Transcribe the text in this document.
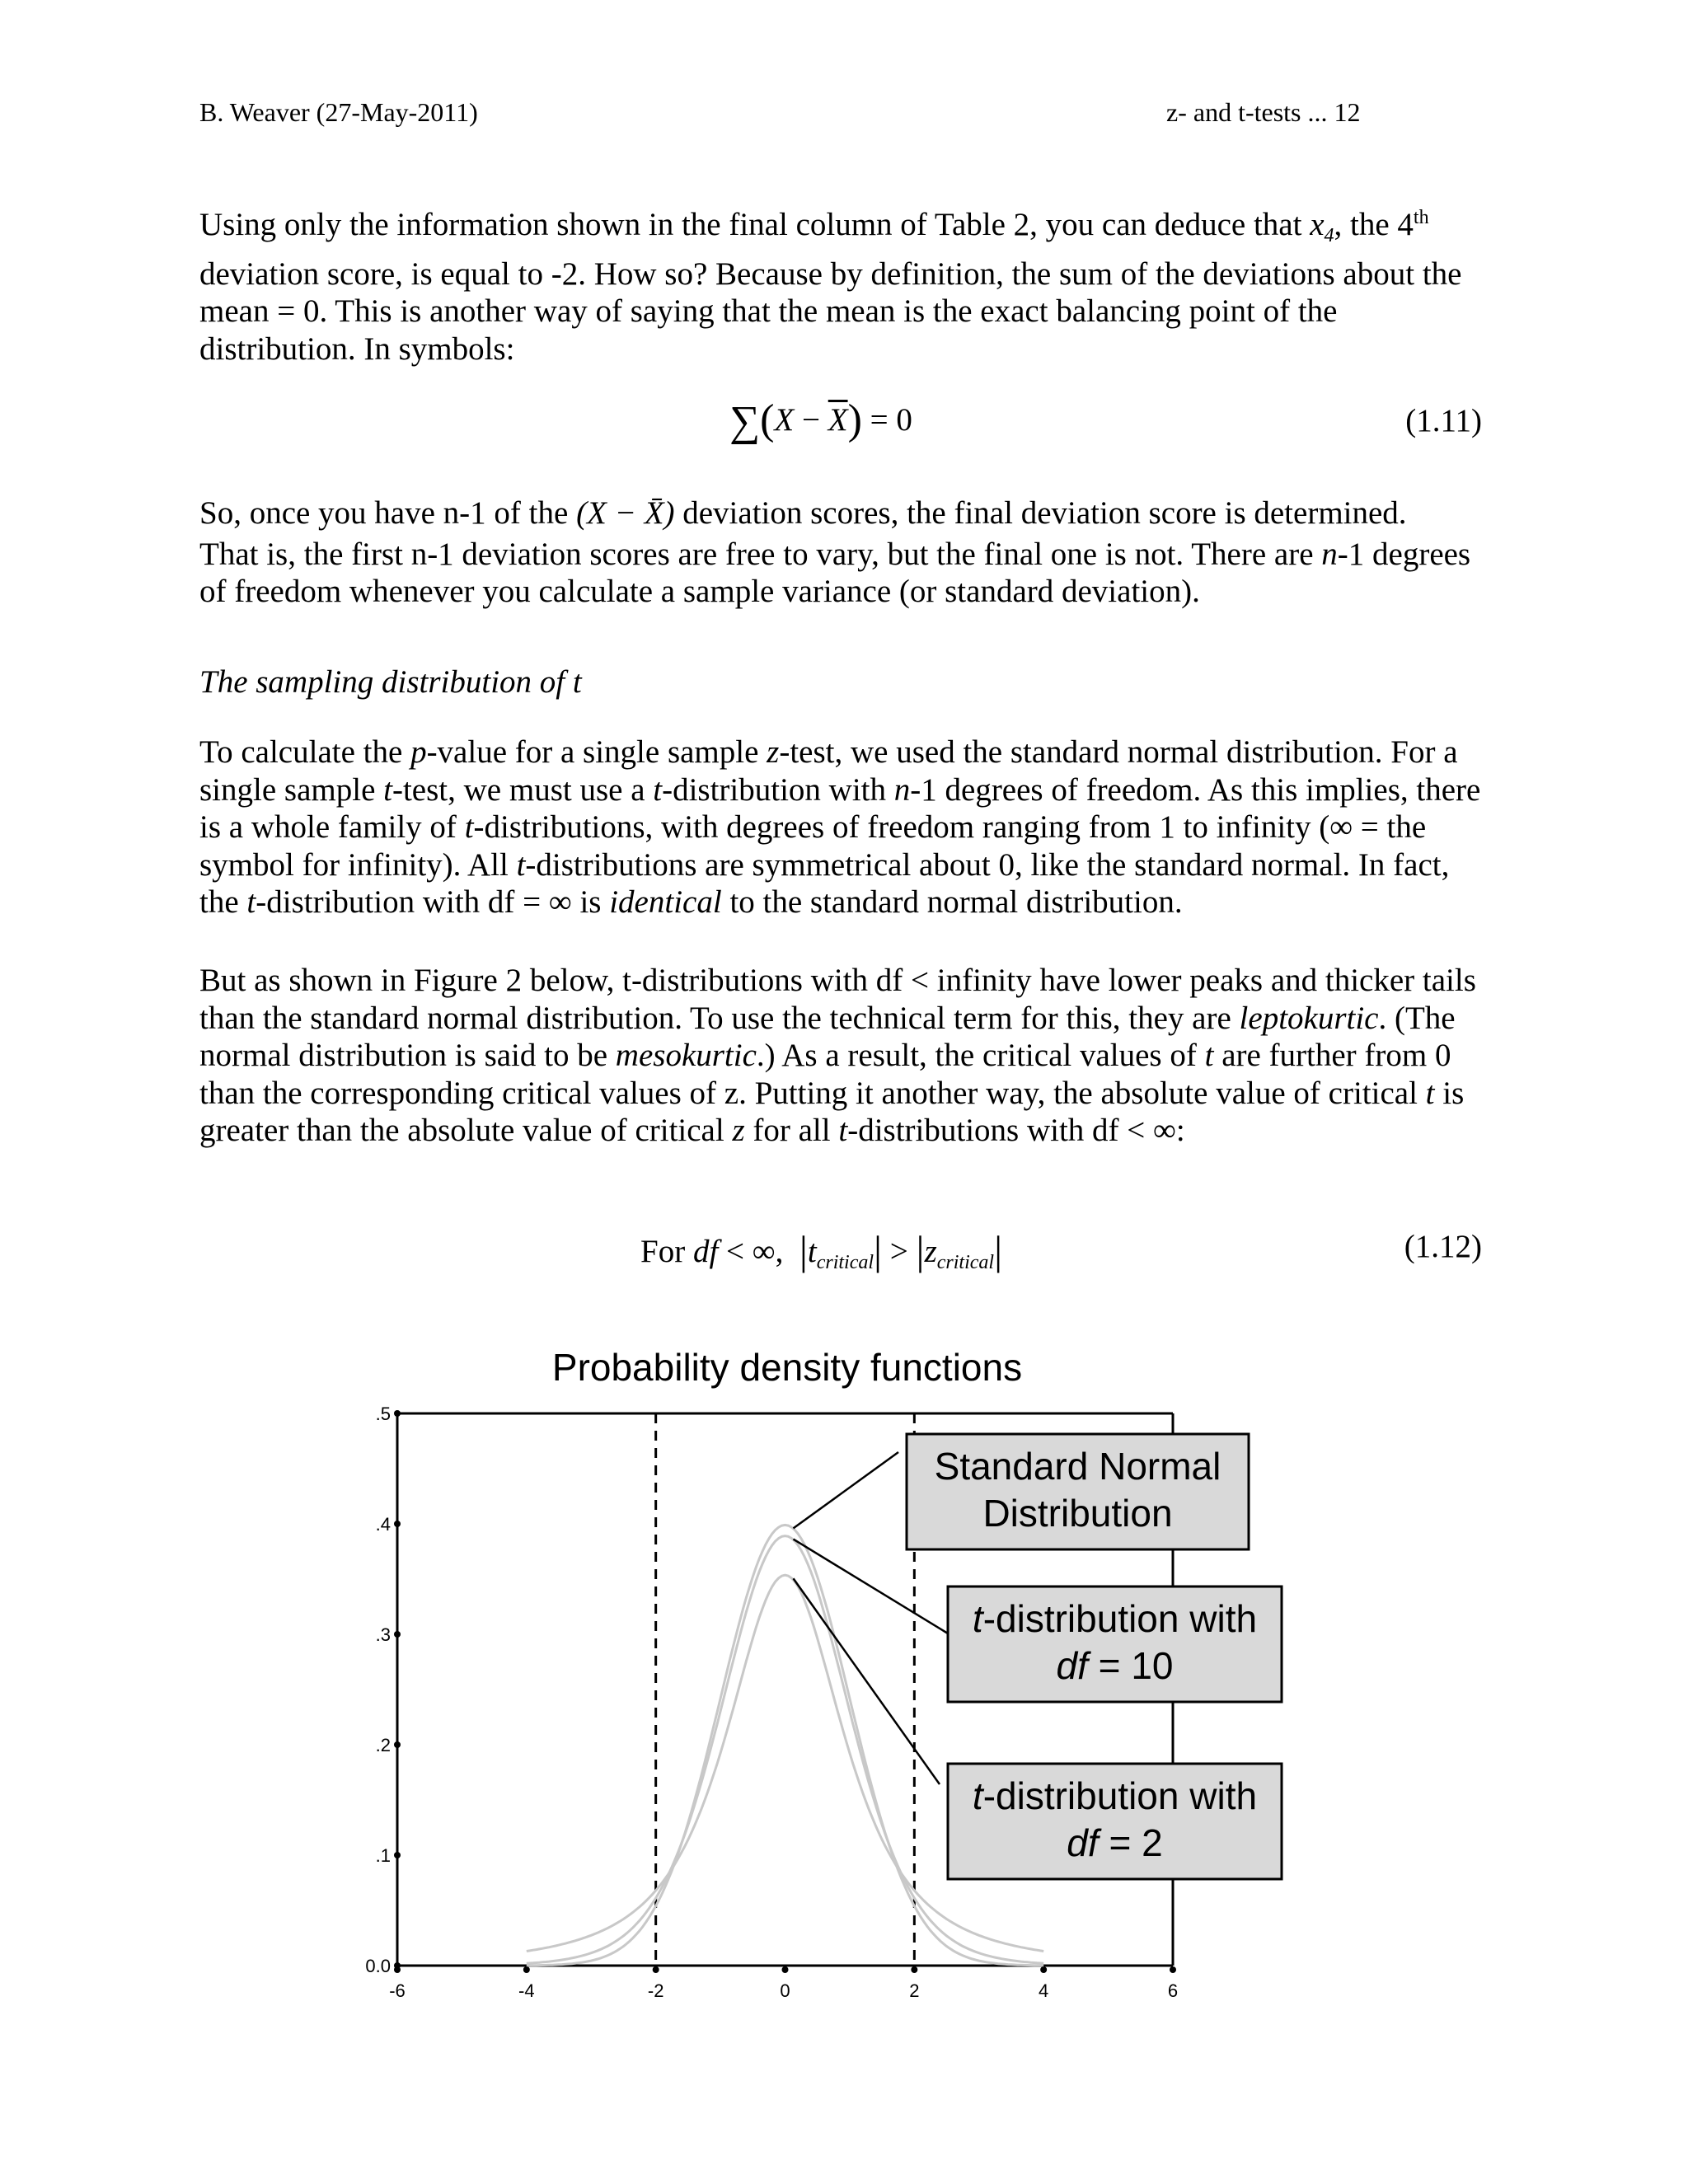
B. Weaver (27-May-2011)	z- and t-tests ... 12

Using only the information shown in the final column of Table 2, you can deduce that $x_4$, the 4th deviation score, is equal to -2. How so? Because by definition, the sum of the deviations about the mean = 0. This is another way of saying that the mean is the exact balancing point of the distribution. In symbols:

$\sum(X - \overline{X}) = 0$	(1.11)

So, once you have n-1 of the (X − X̄) deviation scores, the final deviation score is determined.

That is, the first n-1 deviation scores are free to vary, but the final one is not. There are n-1 degrees of freedom whenever you calculate a sample variance (or standard deviation).

The sampling distribution of t

To calculate the p-value for a single sample z-test, we used the standard normal distribution. For a single sample t-test, we must use a t-distribution with n-1 degrees of freedom. As this implies, there is a whole family of t-distributions, with degrees of freedom ranging from 1 to infinity (∞ = the symbol for infinity). All t-distributions are symmetrical about 0, like the standard normal. In fact, the t-distribution with df = ∞ is identical to the standard normal distribution.

But as shown in Figure 2 below, t-distributions with df < infinity have lower peaks and thicker tails than the standard normal distribution. To use the technical term for this, they are leptokurtic. (The normal distribution is said to be mesokurtic.) As a result, the critical values of t are further from 0 than the corresponding critical values of z. Putting it another way, the absolute value of critical t is greater than the absolute value of critical z for all t-distributions with df < ∞:

For df < ∞, $|t_{critical}| > |z_{critical}|$	(1.12)
Probability density functions
0.0
.1
.2
.3
.4
.5
-6	-4	-2	0	2	4	6
Standard Normal
Distribution
t-distribution with
df = 10
t-distribution with
df = 2
